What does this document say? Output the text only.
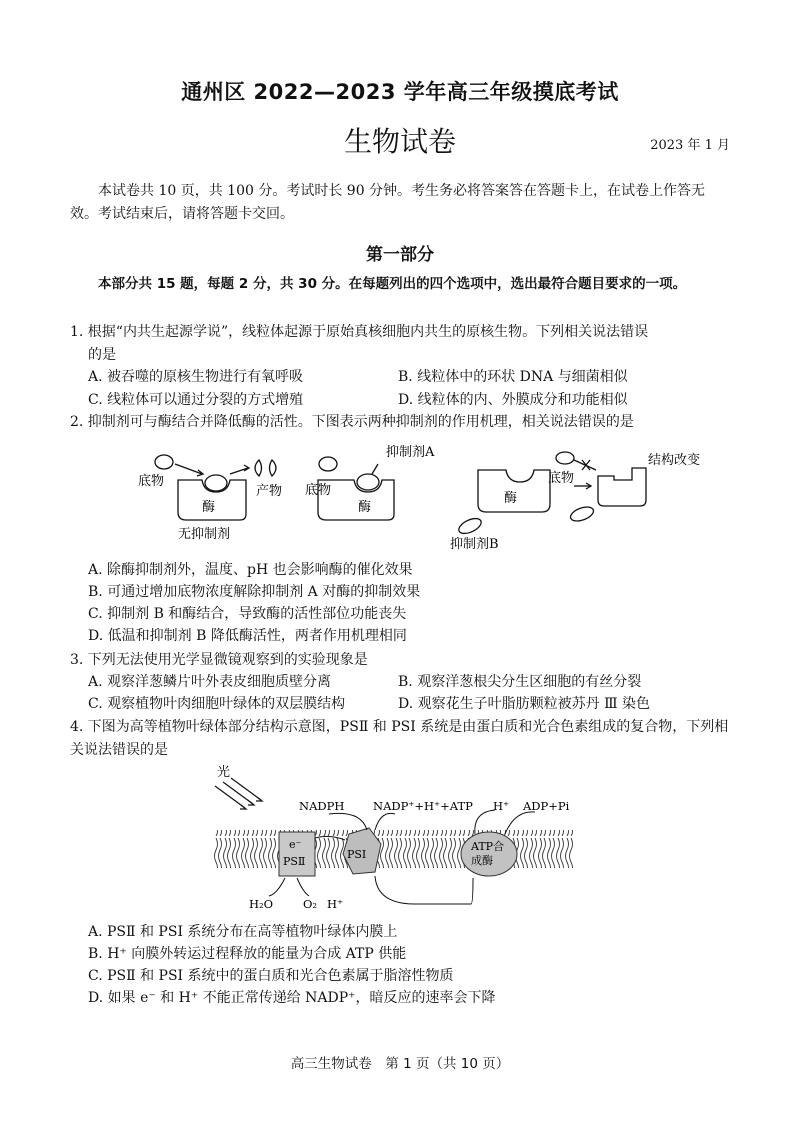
通州区 2022—2023 学年高三年级摸底考试
生物试卷	2023 年 1 月
本试卷共 10 页，共 100 分。考试时长 90 分钟。考生务必将答案答在答题卡上，在试卷上作答无效。考试结束后，请将答题卡交回。
第一部分
本部分共 15 题，每题 2 分，共 30 分。在每题列出的四个选项中，选出最符合题目要求的一项。
1. 根据“内共生起源学说”，线粒体起源于原始真核细胞内共生的原核生物。下列相关说法错误
的是
A. 被吞噬的原核生物进行有氧呼吸	B. 线粒体中的环状 DNA 与细菌相似
C. 线粒体可以通过分裂的方式增殖	D. 线粒体的内、外膜成分和功能相似
2. 抑制剂可与酶结合并降低酶的活性。下图表示两种抑制剂的作用机理，相关说法错误的是
底物
酶
产物
无抑制剂
底物
酶
抑制剂A
酶
抑制剂B
底物
结构改变
A. 除酶抑制剂外，温度、pH 也会影响酶的催化效果
B. 可通过增加底物浓度解除抑制剂 A 对酶的抑制效果
C. 抑制剂 B 和酶结合，导致酶的活性部位功能丧失
D. 低温和抑制剂 B 降低酶活性，两者作用机理相同
3. 下列无法使用光学显微镜观察到的实验现象是
A. 观察洋葱鳞片叶外表皮细胞质壁分离	B. 观察洋葱根尖分生区细胞的有丝分裂
C. 观察植物叶肉细胞叶绿体的双层膜结构	D. 观察花生子叶脂肪颗粒被苏丹 Ⅲ 染色
4. 下图为高等植物叶绿体部分结构示意图，PSⅡ 和 PSⅠ 系统是由蛋白质和光合色素组成的复合物，下列相关说法错误的是
光
NADPH NADP⁺+H⁺+ATP H⁺ ADP+Pi
e⁻
PSⅡ
PSⅠ
ATP合
成酶
H₂O	O₂ H⁺
A. PSⅡ 和 PSⅠ 系统分布在高等植物叶绿体内膜上
B. H⁺ 向膜外转运过程释放的能量为合成 ATP 供能
C. PSⅡ 和 PSⅠ 系统中的蛋白质和光合色素属于脂溶性物质
D. 如果 e⁻ 和 H⁺ 不能正常传递给 NADP⁺，暗反应的速率会下降
高三生物试卷　第 1 页（共 10 页）
